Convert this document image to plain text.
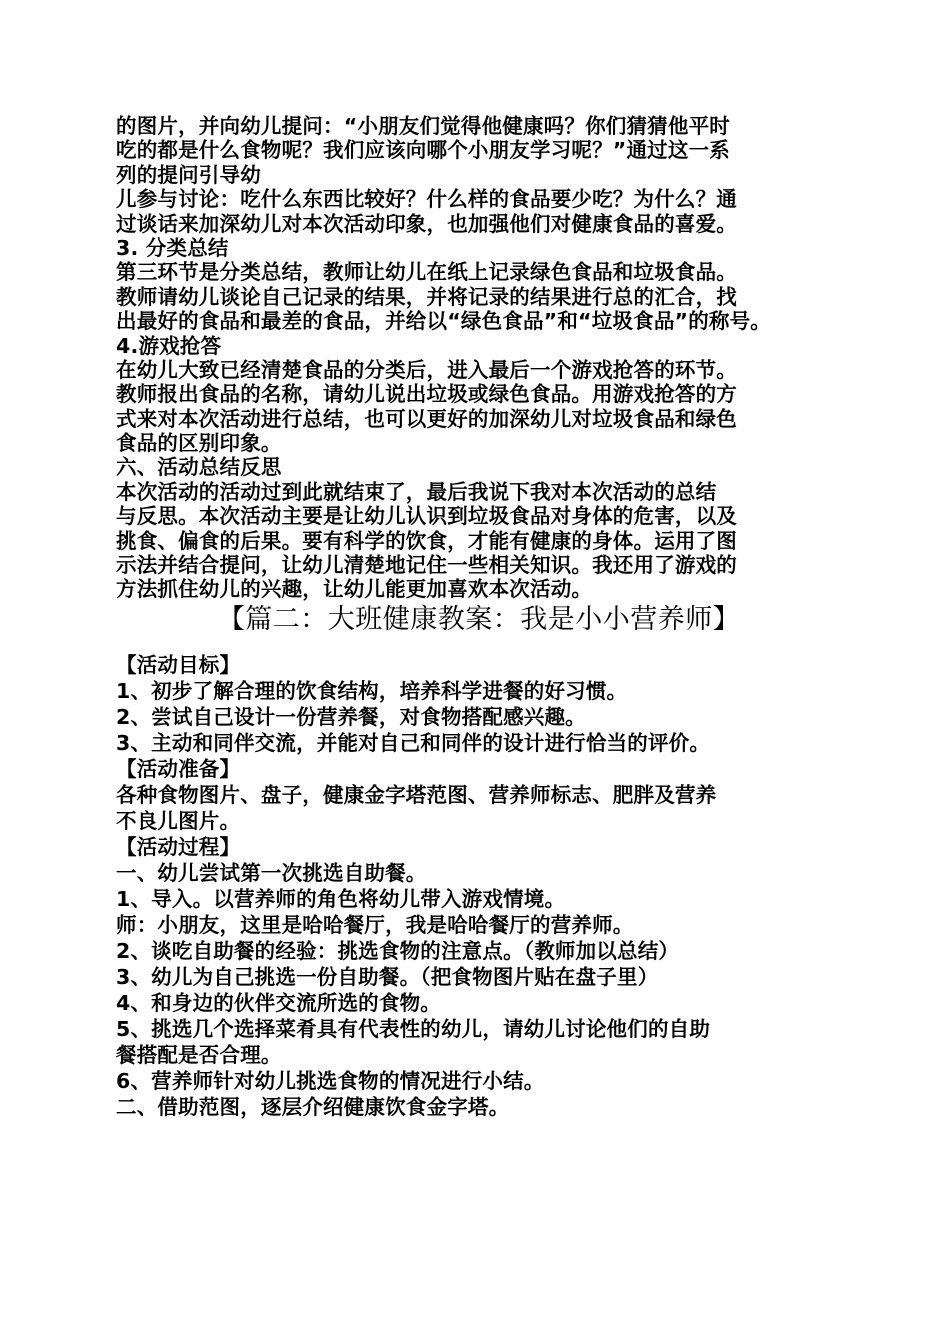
的图片，并向幼儿提问：“小朋友们觉得他健康吗？你们猜猜他平时
吃的都是什么食物呢？我们应该向哪个小朋友学习呢？”通过这一系
列的提问引导幼
儿参与讨论：吃什么东西比较好？什么样的食品要少吃？为什么？通
过谈话来加深幼儿对本次活动印象，也加强他们对健康食品的喜爱。
3. 分类总结
第三环节是分类总结，教师让幼儿在纸上记录绿色食品和垃圾食品。
教师请幼儿谈论自己记录的结果，并将记录的结果进行总的汇合，找
出最好的食品和最差的食品，并给以“绿色食品”和“垃圾食品”的称号。
4.游戏抢答
在幼儿大致已经清楚食品的分类后，进入最后一个游戏抢答的环节。
教师报出食品的名称，请幼儿说出垃圾或绿色食品。用游戏抢答的方
式来对本次活动进行总结，也可以更好的加深幼儿对垃圾食品和绿色
食品的区别印象。
六、活动总结反思
本次活动的活动过到此就结束了，最后我说下我对本次活动的总结
与反思。本次活动主要是让幼儿认识到垃圾食品对身体的危害，以及
挑食、偏食的后果。要有科学的饮食，才能有健康的身体。运用了图
示法并结合提问，让幼儿清楚地记住一些相关知识。我还用了游戏的
方法抓住幼儿的兴趣，让幼儿能更加喜欢本次活动。
【篇二：大班健康教案：我是小小营养师】
【活动目标】
1、初步了解合理的饮食结构，培养科学进餐的好习惯。
2、尝试自己设计一份营养餐，对食物搭配感兴趣。
3、主动和同伴交流，并能对自己和同伴的设计进行恰当的评价。
【活动准备】
各种食物图片、盘子，健康金字塔范图、营养师标志、肥胖及营养
不良儿图片。
【活动过程】
一、幼儿尝试第一次挑选自助餐。
1、导入。以营养师的角色将幼儿带入游戏情境。
师：小朋友，这里是哈哈餐厅，我是哈哈餐厅的营养师。
2、谈吃自助餐的经验：挑选食物的注意点。（教师加以总结）
3、幼儿为自己挑选一份自助餐。（把食物图片贴在盘子里）
4、和身边的伙伴交流所选的食物。
5、挑选几个选择菜肴具有代表性的幼儿，请幼儿讨论他们的自助
餐搭配是否合理。
6、营养师针对幼儿挑选食物的情况进行小结。
二、借助范图，逐层介绍健康饮食金字塔。
